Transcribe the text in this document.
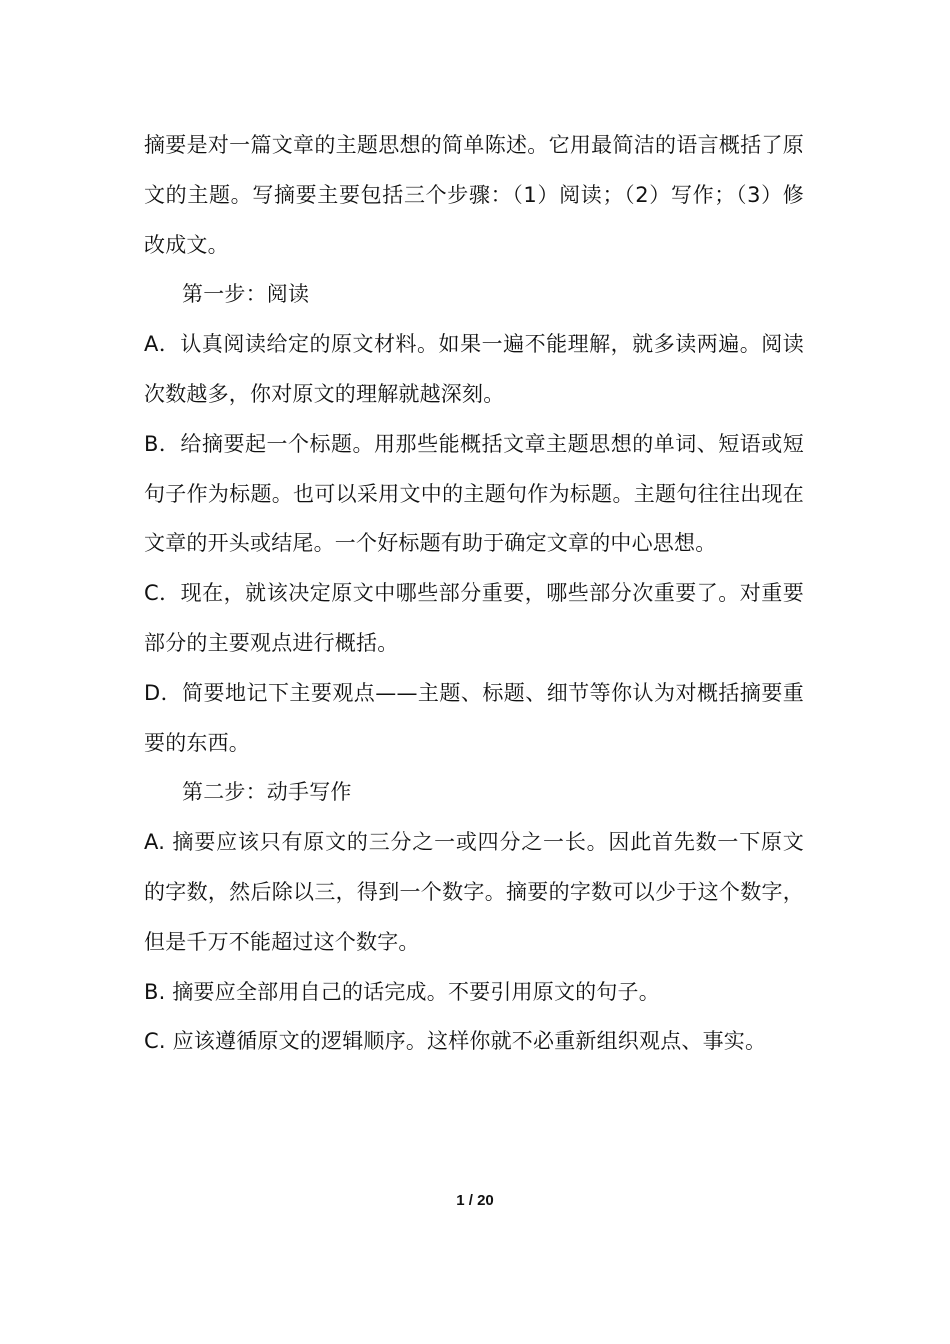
摘要是对一篇文章的主题思想的简单陈述。它用最简洁的语言概括了原文的主题。写摘要主要包括三个步骤：（1）阅读；（2）写作；（3）修改成文。

第一步：阅读

A．认真阅读给定的原文材料。如果一遍不能理解，就多读两遍。阅读次数越多，你对原文的理解就越深刻。

B．给摘要起一个标题。用那些能概括文章主题思想的单词、短语或短句子作为标题。也可以采用文中的主题句作为标题。主题句往往出现在文章的开头或结尾。一个好标题有助于确定文章的中心思想。

C．现在，就该决定原文中哪些部分重要，哪些部分次重要了。对重要部分的主要观点进行概括。

D．简要地记下主要观点——主题、标题、细节等你认为对概括摘要重要的东西。

第二步：动手写作

A. 摘要应该只有原文的三分之一或四分之一长。因此首先数一下原文的字数，然后除以三，得到一个数字。摘要的字数可以少于这个数字，但是千万不能超过这个数字。

B. 摘要应全部用自己的话完成。不要引用原文的句子。

C. 应该遵循原文的逻辑顺序。这样你就不必重新组织观点、事实。

1 / 20
